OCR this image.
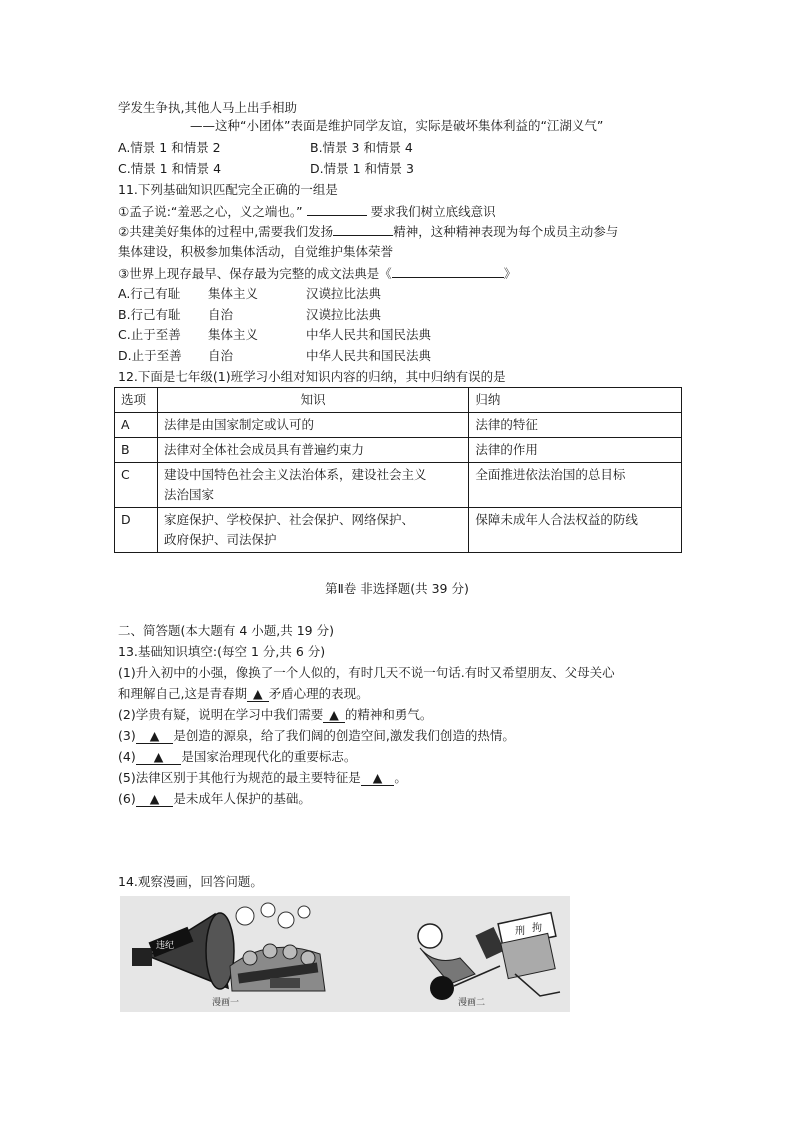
学发生争执,其他人马上出手相助
——这种“小团体”表面是维护同学友谊，实际是破坏集体利益的“江湖义气”
A.情景 1 和情景 2	B.情景 3 和情景 4
C.情景 1 和情景 4	D.情景 1 和情景 3
11.下列基础知识匹配完全正确的一组是
①孟子说:“羞恶之心，义之端也。”	要求我们树立底线意识
②共建美好集体的过程中,需要我们发扬	精神，这种精神表现为每个成员主动参与
集体建设，积极参加集体活动，自觉维护集体荣誉
③世界上现存最早、保存最为完整的成文法典是《	》
A.行己有耻 集体主义	汉谟拉比法典
B.行己有耻 自治	汉谟拉比法典
C.止于至善 集体主义	中华人民共和国民法典
D.止于至善 自治	中华人民共和国民法典
12.下面是七年级(1)班学习小组对知识内容的归纳，其中归纳有误的是
选项	知识	归纳
A	法律是由国家制定或认可的	法律的特征
B	法律对全体社会成员具有普遍约束力	法律的作用
C	建设中国特色社会主义法治体系，建设社会主义
法治国家	全面推进依法治国的总目标
D	家庭保护、学校保护、社会保护、网络保护、
政府保护、司法保护	保障未成年人合法权益的防线
第Ⅱ卷 非选择题(共 39 分)
二、简答题(本大题有 4 小题,共 19 分)
13.基础知识填空:(每空 1 分,共 6 分)
(1)升入初中的小强，像换了一个人似的，有时几天不说一句话.有时又希望朋友、父母关心
和理解自己,这是青春期 ▲ 矛盾心理的表现。
(2)学贵有疑，说明在学习中我们需要 ▲ 的精神和勇气。
(3) ▲ 是创造的源泉，给了我们阔的创造空间,激发我们创造的热情。
(4) ▲ 是国家治理现代化的重要标志。
(5)法律区别于其他行为规范的最主要特征是 ▲ 。
(6) ▲ 是未成年人保护的基础。
14.观察漫画，回答问题。
违纪
漫画一
刑 拘
漫画二
